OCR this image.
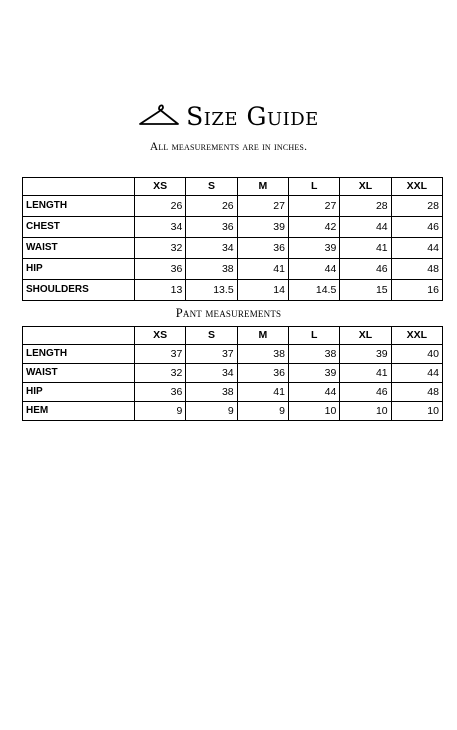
Size Guide
All measurements are in inches.
	XS	S	M	L	XL	XXL
LENGTH	26	26	27	27	28	28
CHEST	34	36	39	42	44	46
WAIST	32	34	36	39	41	44
HIP	36	38	41	44	46	48
SHOULDERS	13	13.5	14	14.5	15	16
Pant measurements
	XS	S	M	L	XL	XXL
LENGTH	37	37	38	38	39	40
WAIST	32	34	36	39	41	44
HIP	36	38	41	44	46	48
HEM	9	9	9	10	10	10
